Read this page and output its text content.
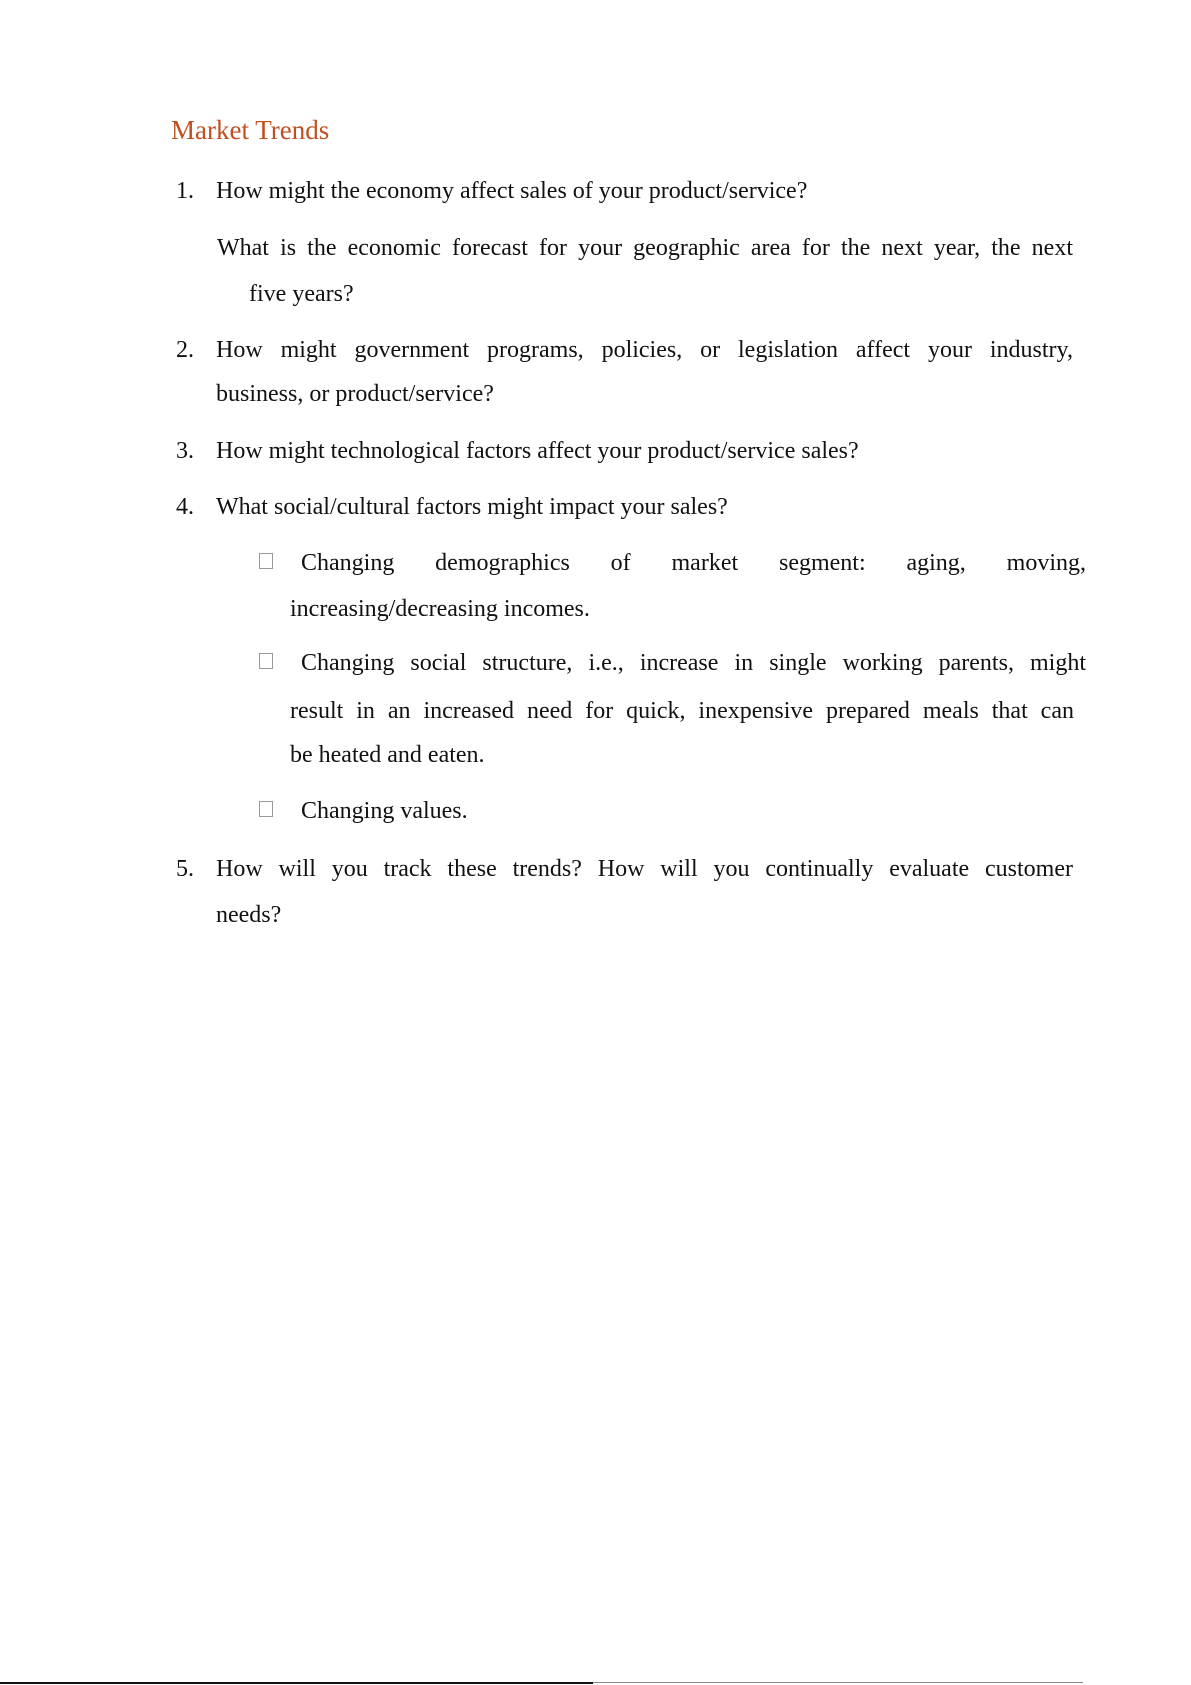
Market Trends
1. How might the economy affect sales of your product/service?
What is the economic forecast for your geographic area for the next year, the next
five years?
2. How might government programs, policies, or legislation affect your industry,
business, or product/service?
3. How might technological factors affect your product/service sales?
4. What social/cultural factors might impact your sales?
Changing demographics of market segment: aging, moving,
increasing/decreasing incomes.
Changing social structure, i.e., increase in single working parents, might
result in an increased need for quick, inexpensive prepared meals that can
be heated and eaten.
Changing values.
5. How will you track these trends? How will you continually evaluate customer
needs?
